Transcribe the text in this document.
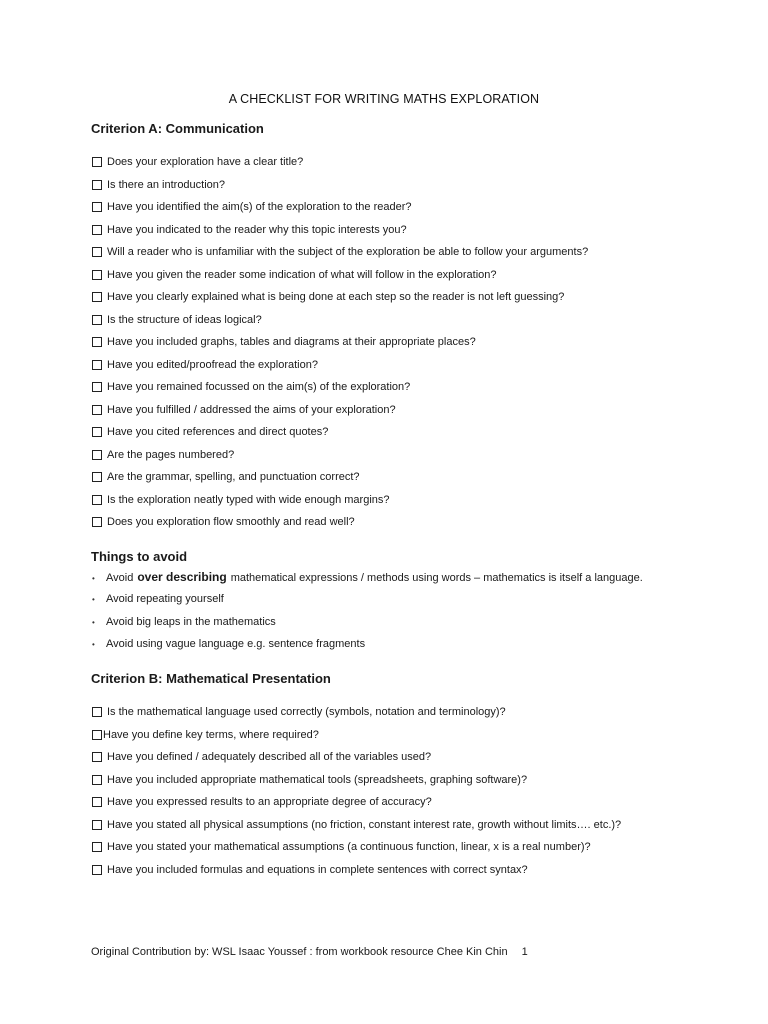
A CHECKLIST FOR WRITING MATHS EXPLORATION
Criterion A: Communication
Does your exploration have a clear title?
Is there an introduction?
Have you identified the aim(s) of the exploration to the reader?
Have you indicated to the reader why this topic interests you?
Will a reader who is unfamiliar with the subject of the exploration be able to follow your arguments?
Have you given the reader some indication of what will follow in the exploration?
Have you clearly explained what is being done at each step so the reader is not left guessing?
Is the structure of ideas logical?
Have you included graphs, tables and diagrams at their appropriate places?
Have you edited/proofread the exploration?
Have you remained focussed on the aim(s) of the exploration?
Have you fulfilled / addressed the aims of your exploration?
Have you cited references and direct quotes?
Are the pages numbered?
Are the grammar, spelling, and punctuation correct?
Is the exploration neatly typed with wide enough margins?
Does you exploration flow smoothly and read well?
Things to avoid
•	Avoid over describing mathematical expressions / methods using words – mathematics is itself a language.
•	Avoid repeating yourself
•	Avoid big leaps in the mathematics
•	Avoid using vague language e.g. sentence fragments
Criterion B: Mathematical Presentation
Is the mathematical language used correctly (symbols, notation and terminology)?
Have you define key terms, where required?
Have you defined / adequately described all of the variables used?
Have you included appropriate mathematical tools (spreadsheets, graphing software)?
Have you expressed results to an appropriate degree of accuracy?
Have you stated all physical assumptions (no friction, constant interest rate, growth without limits…. etc.)?
Have you stated your mathematical assumptions (a continuous function, linear, x is a real number)?
Have you included formulas and equations in complete sentences with correct syntax?
Original Contribution by: WSL Isaac Youssef : from workbook resource Chee Kin Chin 1
